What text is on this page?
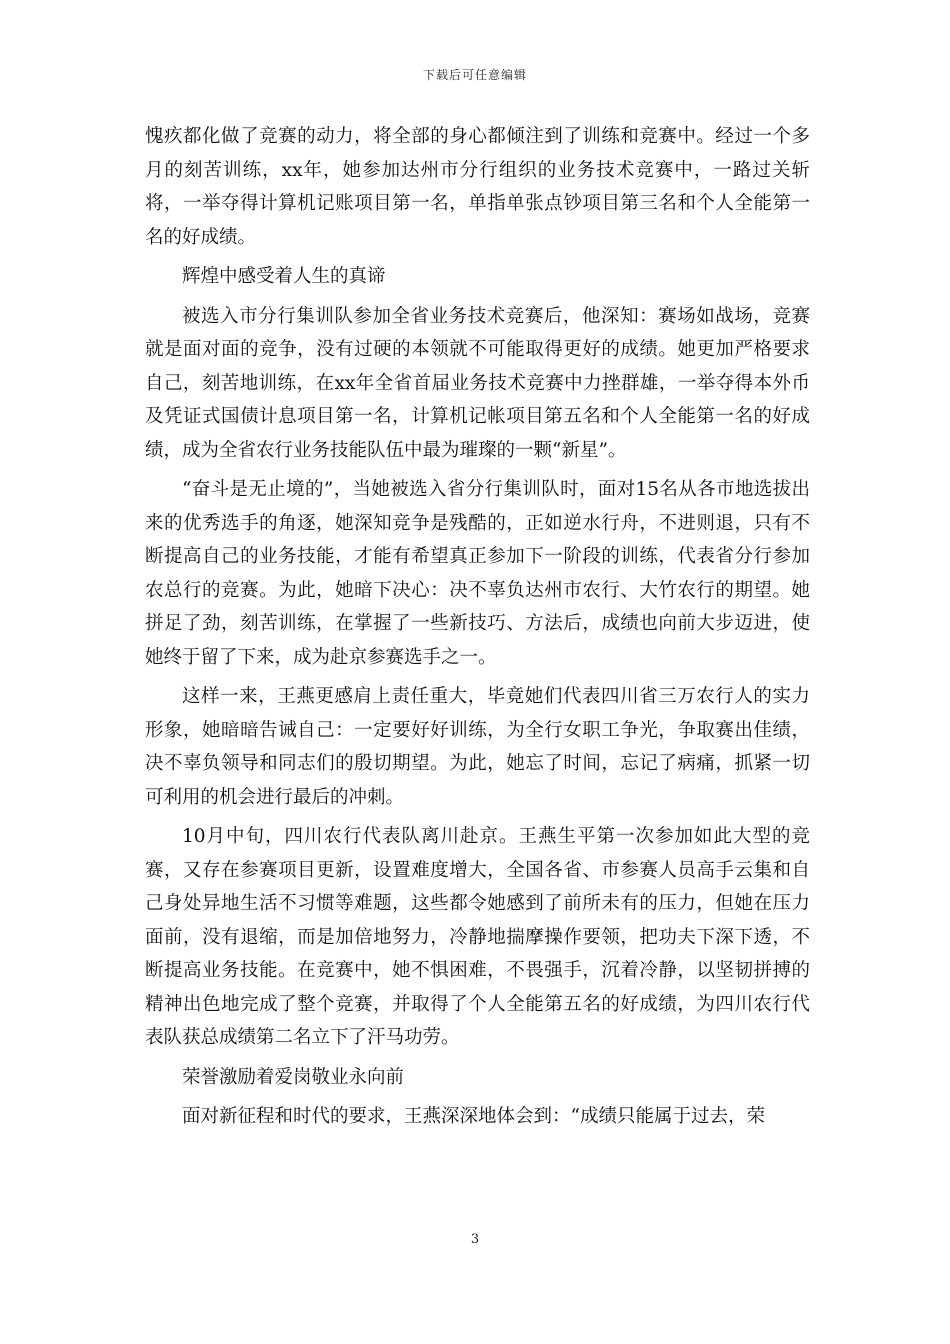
下载后可任意编辑

愧疚都化做了竞赛的动力，将全部的身心都倾注到了训练和竞赛中。经过一个多月的刻苦训练，xx年，她参加达州市分行组织的业务技术竞赛中，一路过关斩将，一举夺得计算机记账项目第一名，单指单张点钞项目第三名和个人全能第一名的好成绩。

辉煌中感受着人生的真谛

被选入市分行集训队参加全省业务技术竞赛后，他深知：赛场如战场，竞赛就是面对面的竞争，没有过硬的本领就不可能取得更好的成绩。她更加严格要求自己，刻苦地训练，在xx年全省首届业务技术竞赛中力挫群雄，一举夺得本外币及凭证式国债计息项目第一名，计算机记帐项目第五名和个人全能第一名的好成绩，成为全省农行业务技能队伍中最为璀璨的一颗“新星”。

“奋斗是无止境的”，当她被选入省分行集训队时，面对15名从各市地选拔出来的优秀选手的角逐，她深知竞争是残酷的，正如逆水行舟，不进则退，只有不断提高自己的业务技能，才能有希望真正参加下一阶段的训练，代表省分行参加农总行的竞赛。为此，她暗下决心：决不辜负达州市农行、大竹农行的期望。她拼足了劲，刻苦训练，在掌握了一些新技巧、方法后，成绩也向前大步迈进，使她终于留了下来，成为赴京参赛选手之一。

这样一来，王燕更感肩上责任重大，毕竟她们代表四川省三万农行人的实力形象，她暗暗告诫自己：一定要好好训练，为全行女职工争光，争取赛出佳绩，决不辜负领导和同志们的殷切期望。为此，她忘了时间，忘记了病痛，抓紧一切可利用的机会进行最后的冲刺。

10月中旬，四川农行代表队离川赴京。王燕生平第一次参加如此大型的竞赛，又存在参赛项目更新，设置难度增大，全国各省、市参赛人员高手云集和自己身处异地生活不习惯等难题，这些都令她感到了前所未有的压力，但她在压力面前，没有退缩，而是加倍地努力，冷静地揣摩操作要领，把功夫下深下透，不断提高业务技能。在竞赛中，她不惧困难，不畏强手，沉着冷静，以坚韧拼搏的精神出色地完成了整个竞赛，并取得了个人全能第五名的好成绩，为四川农行代表队获总成绩第二名立下了汗马功劳。

荣誉激励着爱岗敬业永向前

面对新征程和时代的要求，王燕深深地体会到：“成绩只能属于过去，荣

3
